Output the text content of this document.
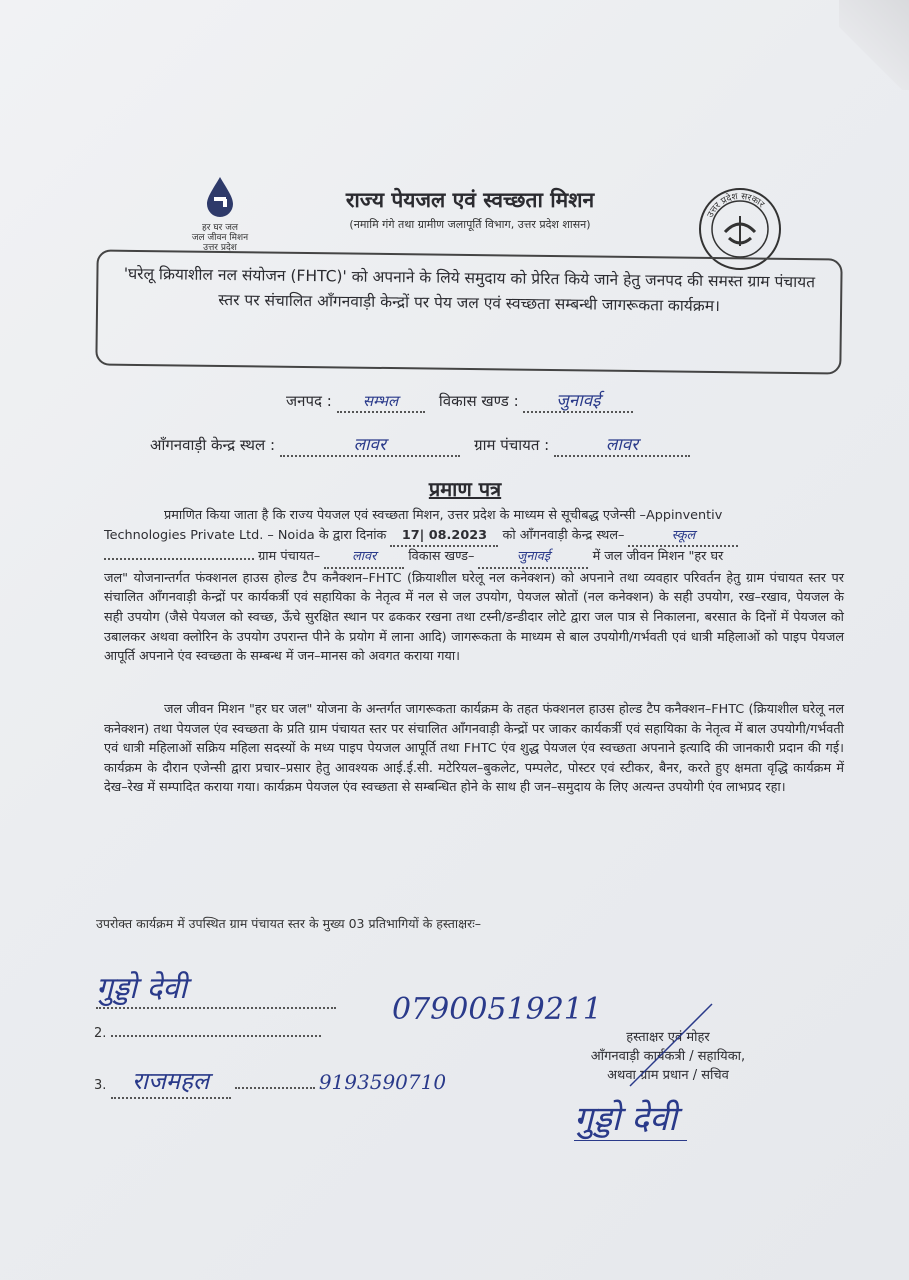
हर घर जल
जल जीवन मिशन
उत्तर प्रदेश
राज्य पेयजल एवं स्वच्छता मिशन
(नमामि गंगे तथा ग्रामीण जलापूर्ति विभाग, उत्तर प्रदेश शासन)
उत्तर प्रदेश सरकार
'घरेलू क्रियाशील नल संयोजन (FHTC)' को अपनाने के लिये समुदाय को प्रेरित किये जाने हेतु जनपद की समस्त ग्राम पंचायत स्तर पर संचालित आँगनवाड़ी केन्द्रों पर पेय जल एवं स्वच्छता सम्बन्धी जागरूकता कार्यक्रम।
जनपद : सम्भल	विकास खण्ड : जुनावई
आँगनवाड़ी केन्द्र स्थल :	लावर	ग्राम पंचायत :	लावर
प्रमाण पत्र
प्रमाणित किया जाता है कि राज्य पेयजल एवं स्वच्छता मिशन, उत्तर प्रदेश के माध्यम से सूचीबद्ध एजेन्सी –Appinventiv
Technologies Private Ltd. – Noida के द्वारा दिनांक 17| 08.2023 को आँगनवाड़ी केन्द्र स्थल–	स्कूल
ग्राम पंचायत– लावर विकास खण्ड–	जुनावई	में जल जीवन मिशन "हर घर
जल" योजनान्तर्गत फंक्शनल हाउस होल्ड टैप कनैक्शन–FHTC (क्रियाशील घरेलू नल कनेक्शन) को अपनाने तथा व्यवहार परिवर्तन हेतु ग्राम पंचायत स्तर पर संचालित आँगनवाड़ी केन्द्रों पर कार्यकर्त्री एवं सहायिका के नेतृत्व में नल से जल उपयोग, पेयजल स्रोतों (नल कनेक्शन) के सही उपयोग, रख–रखाव, पेयजल के सही उपयोग (जैसे पेयजल को स्वच्छ, ऊँचे सुरक्षित स्थान पर ढककर रखना तथा टस्नी/डन्डीदार लोटे द्वारा जल पात्र से निकालना, बरसात के दिनों में पेयजल को उबालकर अथवा क्लोरिन के उपयोग उपरान्त पीने के प्रयोग में लाना आदि) जागरूकता के माध्यम से बाल उपयोगी/गर्भवती एवं धात्री महिलाओं को पाइप पेयजल आपूर्ति अपनाने एंव स्वच्छता के सम्बन्ध में जन–मानस को अवगत कराया गया।
जल जीवन मिशन "हर घर जल" योजना के अन्तर्गत जागरूकता कार्यक्रम के तहत फंक्शनल हाउस होल्ड टैप कनैक्शन–FHTC (क्रियाशील घरेलू नल कनेक्शन) तथा पेयजल एंव स्वच्छता के प्रति ग्राम पंचायत स्तर पर संचालित आँगनवाड़ी केन्द्रों पर जाकर कार्यकर्त्री एवं सहायिका के नेतृत्व में बाल उपयोगी/गर्भवती एवं धात्री महिलाओं सक्रिय महिला सदस्यों के मध्य पाइप पेयजल आपूर्ति तथा FHTC एंव शुद्ध पेयजल एंव स्वच्छता अपनाने इत्यादि की जानकारी प्रदान की गई। कार्यक्रम के दौरान एजेन्सी द्वारा प्रचार–प्रसार हेतु आवश्यक आई.ई.सी. मटेरियल–बुकलेट, पम्पलेट, पोस्टर एवं स्टीकर, बैनर, करते हुए क्षमता वृद्धि कार्यक्रम में देख–रेख में सम्पादित कराया गया। कार्यक्रम पेयजल एंव स्वच्छता से सम्बन्धित होने के साथ ही जन–समुदाय के लिए अत्यन्त उपयोगी एंव लाभप्रद रहा।
उपरोक्त कार्यक्रम में उपस्थित ग्राम पंचायत स्तर के मुख्य 03 प्रतिभागियों के हस्ताक्षरः–
गुड्डो देवी
2.
07900519211
3. राजमहल	9193590710
हस्ताक्षर एवं मोहर
आँगनवाड़ी कार्यकत्री / सहायिका,
अथवा ग्राम प्रधान / सचिव
गुड्डो देवी
